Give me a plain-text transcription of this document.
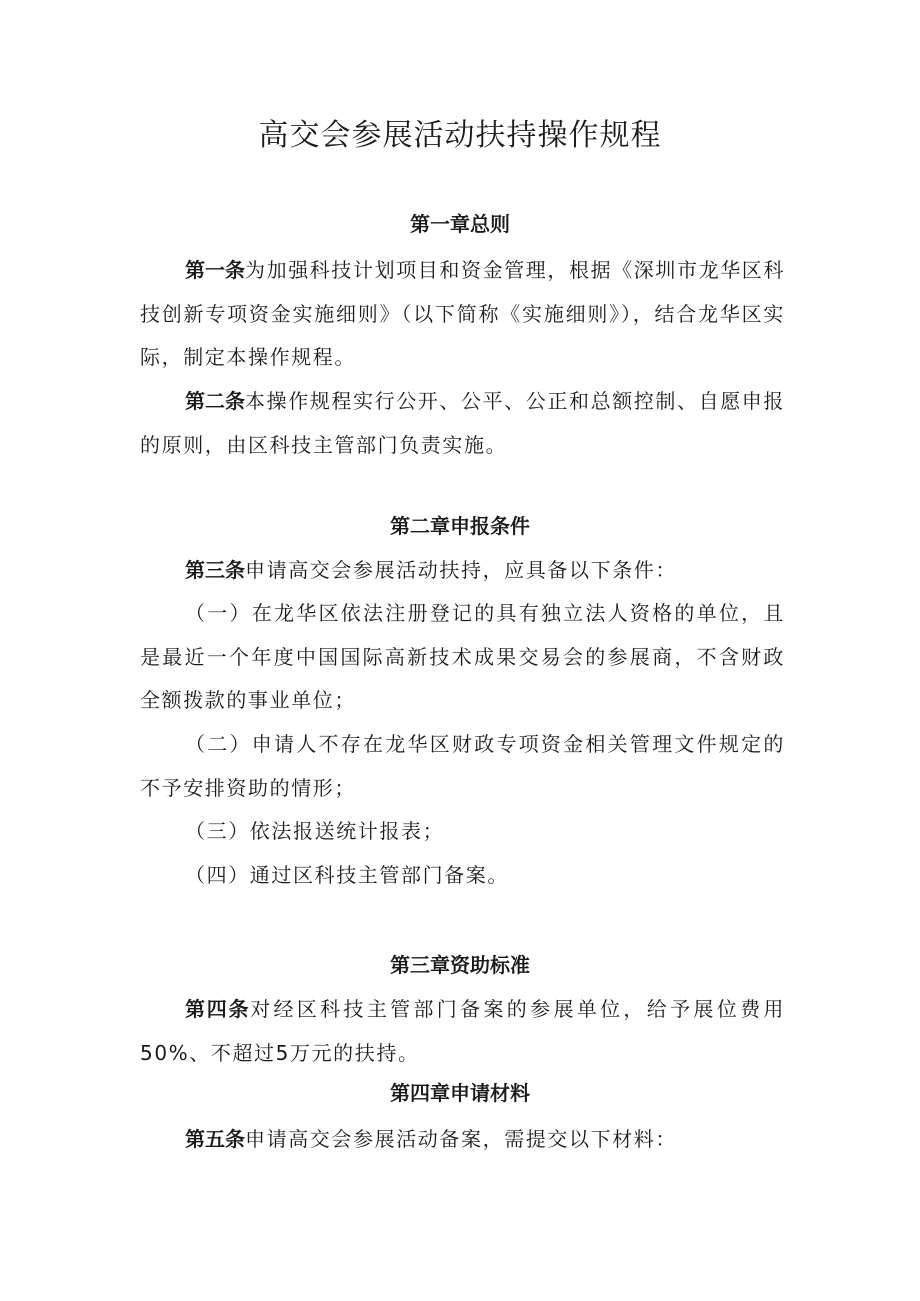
高交会参展活动扶持操作规程
第一章总则

第一条为加强科技计划项目和资金管理，根据《深圳市龙华区科技创新专项资金实施细则》（以下简称《实施细则》），结合龙华区实际，制定本操作规程。

第二条本操作规程实行公开、公平、公正和总额控制、自愿申报的原则，由区科技主管部门负责实施。

第二章申报条件

第三条申请高交会参展活动扶持，应具备以下条件：

（一）在龙华区依法注册登记的具有独立法人资格的单位，且是最近一个年度中国国际高新技术成果交易会的参展商，不含财政全额拨款的事业单位；

（二）申请人不存在龙华区财政专项资金相关管理文件规定的不予安排资助的情形；

（三）依法报送统计报表；

（四）通过区科技主管部门备案。

第三章资助标准

第四条对经区科技主管部门备案的参展单位，给予展位费用50%、不超过5万元的扶持。

第四章申请材料

第五条申请高交会参展活动备案，需提交以下材料：
